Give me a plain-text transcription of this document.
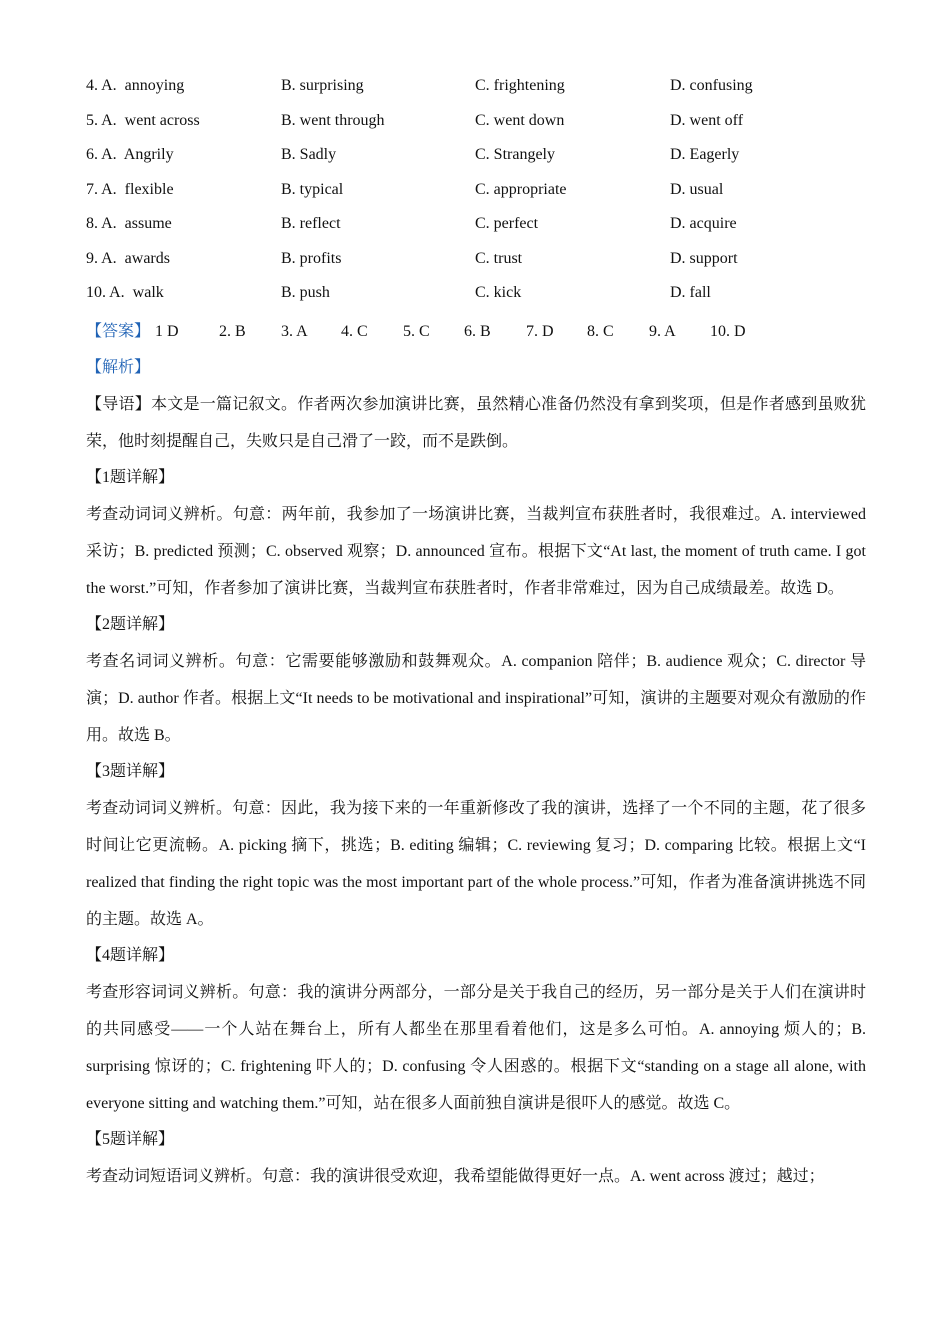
4. A. annoying	B. surprising	C. frightening	D. confusing
5. A. went across	B. went through	C. went down	D. went off
6. A. Angrily	B. Sadly	C. Strangely	D. Eagerly
7. A. flexible	B. typical	C. appropriate	D. usual
8. A. assume	B. reflect	C. perfect	D. acquire
9. A. awards	B. profits	C. trust	D. support
10. A. walk	B. push	C. kick	D. fall
【答案】 1 D	2. B 3. A 4. C 5. C 6. B 7. D 8. C 9. A 10. D
【解析】
【导语】本文是一篇记叙文。作者两次参加演讲比赛，虽然精心准备仍然没有拿到奖项，但是作者感到虽败犹荣，他时刻提醒自己，失败只是自己滑了一跤，而不是跌倒。
【1题详解】
考查动词词义辨析。句意：两年前，我参加了一场演讲比赛，当裁判宣布获胜者时，我很难过。A. interviewed 采访；B. predicted 预测；C. observed 观察；D. announced 宣布。根据下文“At last, the moment of truth came. I got the worst.”可知，作者参加了演讲比赛，当裁判宣布获胜者时，作者非常难过，因为自己成绩最差。故选 D。
【2题详解】
考查名词词义辨析。句意：它需要能够激励和鼓舞观众。A. companion 陪伴；B. audience 观众；C. director 导演；D. author 作者。根据上文“It needs to be motivational and inspirational”可知，演讲的主题要对观众有激励的作用。故选 B。
【3题详解】
考查动词词义辨析。句意：因此，我为接下来的一年重新修改了我的演讲，选择了一个不同的主题，花了很多时间让它更流畅。A. picking 摘下，挑选；B. editing 编辑；C. reviewing 复习；D. comparing 比较。根据上文“I realized that finding the right topic was the most important part of the whole process.”可知，作者为准备演讲挑选不同的主题。故选 A。
【4题详解】
考查形容词词义辨析。句意：我的演讲分两部分，一部分是关于我自己的经历，另一部分是关于人们在演讲时的共同感受——一个人站在舞台上，所有人都坐在那里看着他们，这是多么可怕。A. annoying 烦人的；B. surprising 惊讶的；C. frightening 吓人的；D. confusing 令人困惑的。根据下文“standing on a stage all alone, with everyone sitting and watching them.”可知，站在很多人面前独自演讲是很吓人的感觉。故选 C。
【5题详解】
考查动词短语词义辨析。句意：我的演讲很受欢迎，我希望能做得更好一点。A. went across 渡过；越过；
